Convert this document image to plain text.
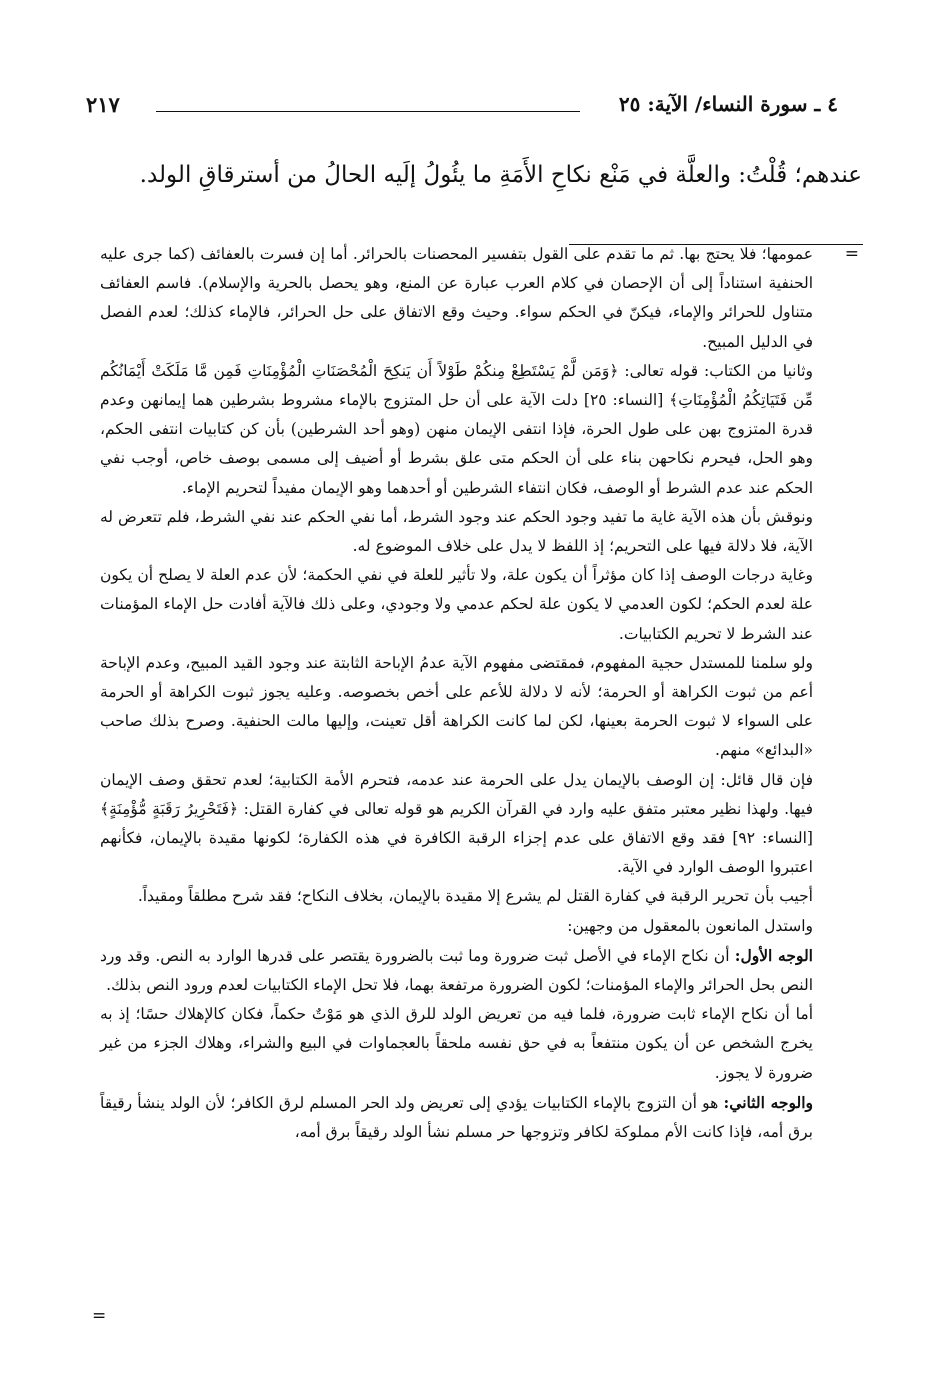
٤ ـ سورة النساء/ الآية: ٢٥
٢١٧
عندهم؛ قُلْتُ: والعلَّة في مَنْع نكاحِ الأَمَةِ ما يئُولُ إلَيه الحالُ من أسترقاقِ الولد.
=

عمومها؛ فلا يحتج بها. ثم ما تقدم على القول بتفسير المحصنات بالحرائر. أما إن فسرت بالعفائف (كما جرى عليه الحنفية استناداً إلى أن الإحصان في كلام العرب عبارة عن المنع، وهو يحصل بالحرية والإسلام). فاسم العفائف متناول للحرائر والإماء، فيكنّ في الحكم سواء. وحيث وقع الاتفاق على حل الحرائر، فالإماء كذلك؛ لعدم الفصل في الدليل المبيح.

وثانيا من الكتاب: قوله تعالى: ﴿وَمَن لَّمْ يَسْتَطِعْ مِنكُمْ طَوْلاً أَن يَنكِحَ الْمُحْصَنَاتِ الْمُؤْمِنَاتِ فَمِن مَّا مَلَكَتْ أَيْمَانُكُم مِّن فَتَيَاتِكُمُ الْمُؤْمِنَاتِ﴾ [النساء: ٢٥] دلت الآية على أن حل المتزوج بالإماء مشروط بشرطين هما إيمانهن وعدم قدرة المتزوج بهن على طول الحرة، فإذا انتفى الإيمان منهن (وهو أحد الشرطين) بأن كن كتابيات انتفى الحكم، وهو الحل، فيحرم نكاحهن بناء على أن الحكم متى علق بشرط أو أضيف إلى مسمى بوصف خاص، أوجب نفي الحكم عند عدم الشرط أو الوصف، فكان انتفاء الشرطين أو أحدهما وهو الإيمان مفيداً لتحريم الإماء.

ونوقش بأن هذه الآية غاية ما تفيد وجود الحكم عند وجود الشرط، أما نفي الحكم عند نفي الشرط، فلم تتعرض له الآية، فلا دلالة فيها على التحريم؛ إذ اللفظ لا يدل على خلاف الموضوع له.

وغاية درجات الوصف إذا كان مؤثراً أن يكون علة، ولا تأثير للعلة في نفي الحكمة؛ لأن عدم العلة لا يصلح أن يكون علة لعدم الحكم؛ لكون العدمي لا يكون علة لحكم عدمي ولا وجودي، وعلى ذلك فالآية أفادت حل الإماء المؤمنات عند الشرط لا تحريم الكتابيات.

ولو سلمنا للمستدل حجية المفهوم، فمقتضى مفهوم الآية عدمُ الإباحة الثابتة عند وجود القيد المبيح، وعدم الإباحة أعم من ثبوت الكراهة أو الحرمة؛ لأنه لا دلالة للأعم على أخص بخصوصه. وعليه يجوز ثبوت الكراهة أو الحرمة على السواء لا ثبوت الحرمة بعينها، لكن لما كانت الكراهة أقل تعينت، وإليها مالت الحنفية. وصرح بذلك صاحب «البدائع» منهم.

فإن قال قائل: إن الوصف بالإيمان يدل على الحرمة عند عدمه، فتحرم الأمة الكتابية؛ لعدم تحقق وصف الإيمان فيها. ولهذا نظير معتبر متفق عليه وارد في القرآن الكريم هو قوله تعالى في كفارة القتل: ﴿فَتَحْرِيرُ رَقَبَةٍ مُّؤْمِنَةٍ﴾ [النساء: ٩٢] فقد وقع الاتفاق على عدم إجزاء الرقبة الكافرة في هذه الكفارة؛ لكونها مقيدة بالإيمان، فكأنهم اعتبروا الوصف الوارد في الآية.

أجيب بأن تحرير الرقبة في كفارة القتل لم يشرع إلا مقيدة بالإيمان، بخلاف النكاح؛ فقد شرح مطلقاً ومقيداً.

واستدل المانعون بالمعقول من وجهين:

الوجه الأول: أن نكاح الإماء في الأصل ثبت ضرورة وما ثبت بالضرورة يقتصر على قدرها الوارد به النص. وقد ورد النص بحل الحرائر والإماء المؤمنات؛ لكون الضرورة مرتفعة بهما، فلا تحل الإماء الكتابيات لعدم ورود النص بذلك.

أما أن نكاح الإماء ثابت ضرورة، فلما فيه من تعريض الولد للرق الذي هو مَوْتٌ حكماً، فكان كالإهلاك حسًا؛ إذ به يخرج الشخص عن أن يكون منتفعاً به في حق نفسه ملحقاً بالعجماوات في البيع والشراء، وهلاك الجزء من غير ضرورة لا يجوز.

والوجه الثاني: هو أن التزوج بالإماء الكتابيات يؤدي إلى تعريض ولد الحر المسلم لرق الكافر؛ لأن الولد ينشأ رقيقاً برق أمه، فإذا كانت الأم مملوكة لكافر وتزوجها حر مسلم نشأ الولد رقيقاً برق أمه،

=
